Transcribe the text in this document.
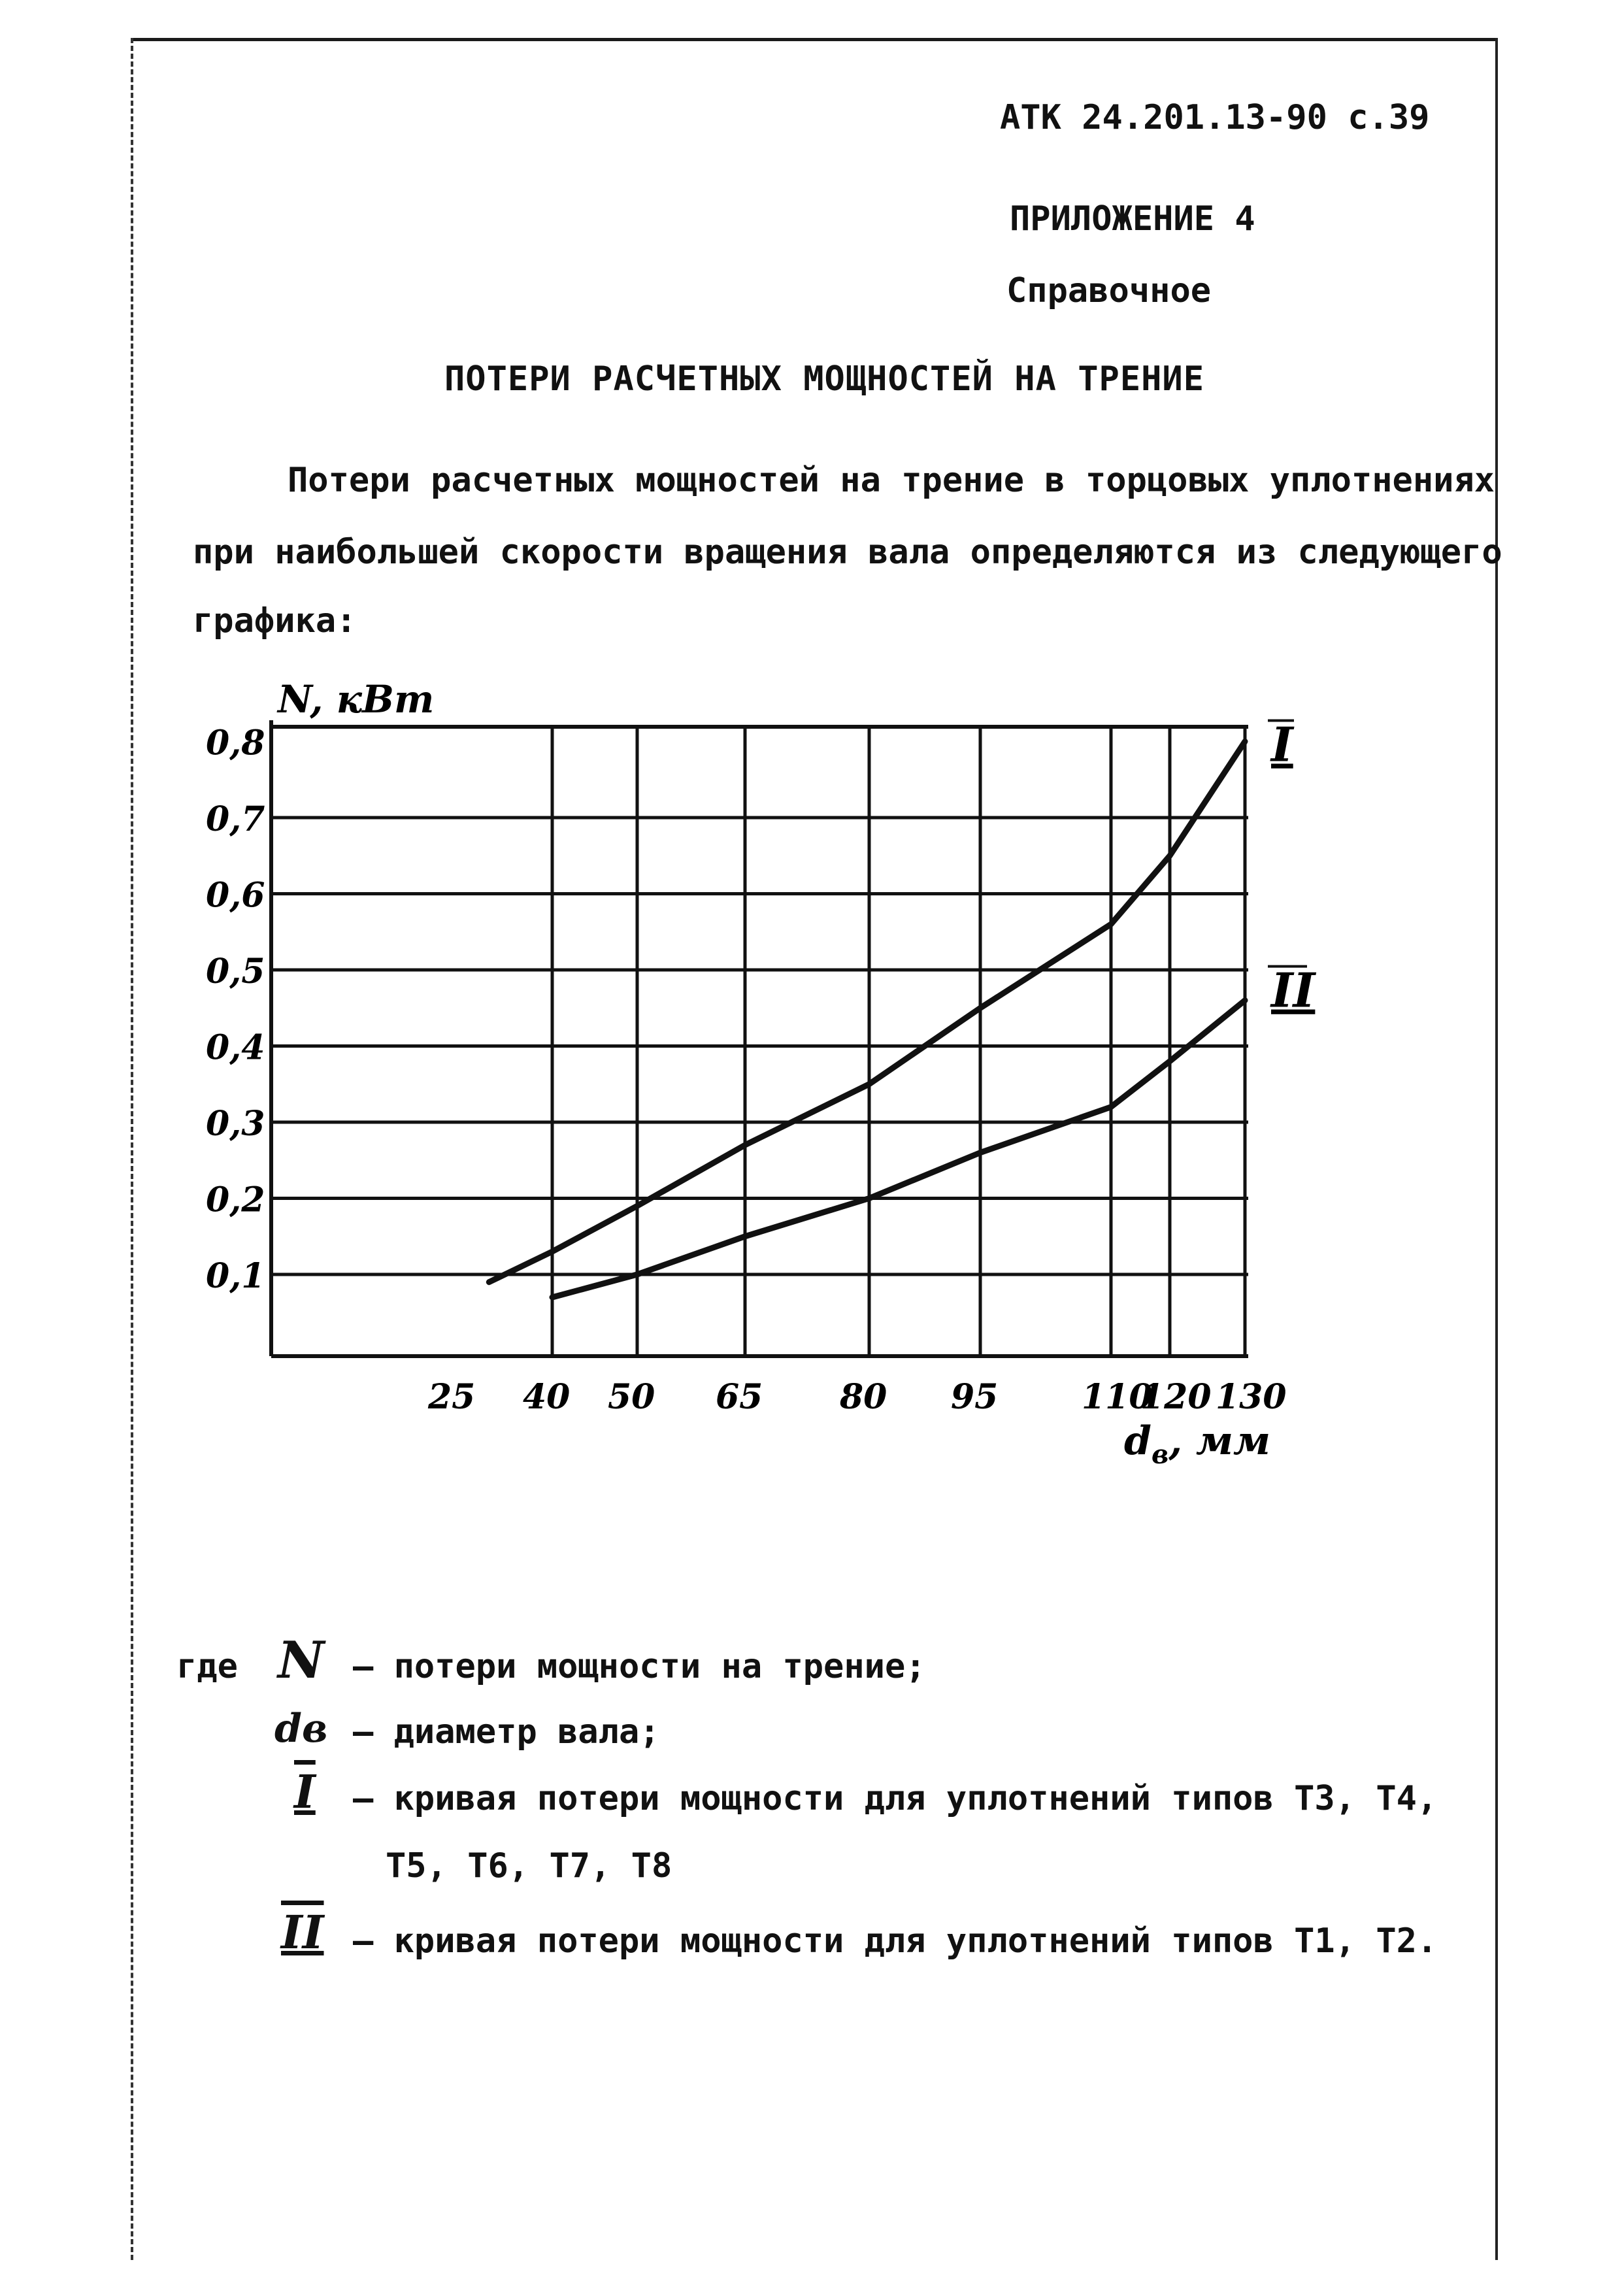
АТК 24.201.13-90 с.39
ПРИЛОЖЕНИЕ 4
Справочное
ПОТЕРИ РАСЧЕТНЫХ МОЩНОСТЕЙ НА ТРЕНИЕ
Потери расчетных мощностей на трение в торцовых уплотнениях
при наибольшей скорости вращения вала определяются из следующего
графика:
I
II
0,1
0,2
0,3
0,4
0,5
0,6
0,7
0,8
25 40 50 65 80 95 110
120 130
N, кВт
$d_в$, мм
где N – потери мощности на трение;
dв – диаметр вала;
I – кривая потери мощности для уплотнений типов Т3, Т4,
Т5, Т6, Т7, Т8
II – кривая потери мощности для уплотнений типов Т1, Т2.
